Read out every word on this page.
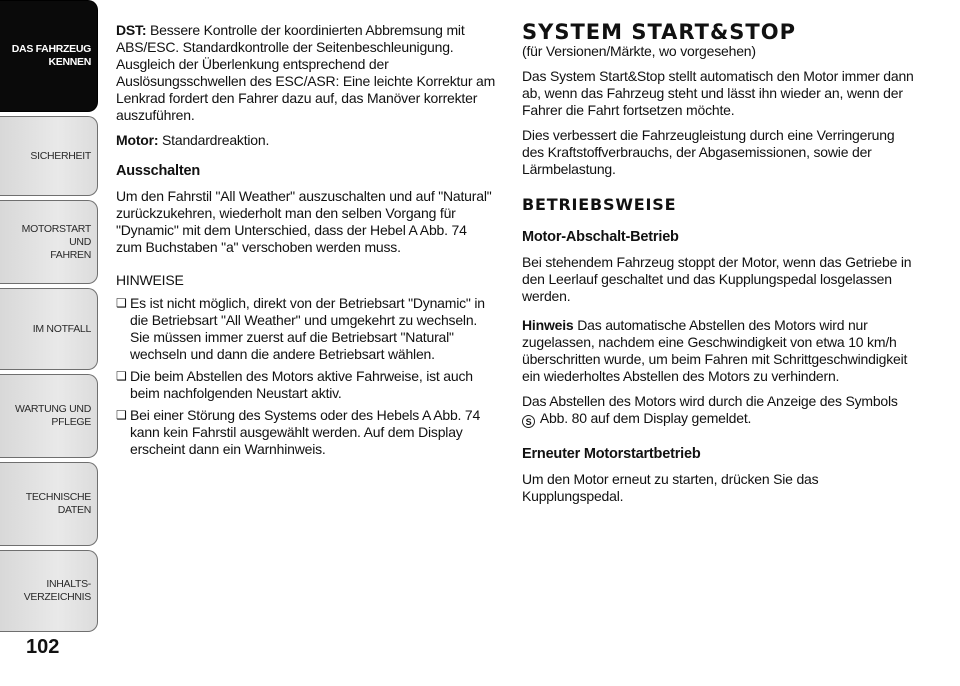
DAS FAHRZEUG
KENNEN
SICHERHEIT
MOTORSTART UND
FAHREN
IM NOTFALL
WARTUNG UND
PFLEGE
TECHNISCHE DATEN
INHALTS-
VERZEICHNIS
102

DST: Bessere Kontrolle der koordinierten Abbremsung mit ABS/ESC. Standardkontrolle der Seitenbeschleunigung. Ausgleich der Überlenkung entsprechend der Auslösungsschwellen des ESC/ASR: Eine leichte Korrektur am Lenkrad fordert den Fahrer dazu auf, das Manöver korrekter auszuführen.

Motor: Standardreaktion.

Ausschalten

Um den Fahrstil "All Weather" auszuschalten und auf "Natural" zurückzukehren, wiederholt man den selben Vorgang für "Dynamic" mit dem Unterschied, dass der Hebel A Abb. 74 zum Buchstaben "a" verschoben werden muss.

HINWEISE

❑ Es ist nicht möglich, direkt von der Betriebsart "Dynamic" in die Betriebsart "All Weather" und umgekehrt zu wechseln. Sie müssen immer zuerst auf die Betriebsart "Natural" wechseln und dann die andere Betriebsart wählen.
❑ Die beim Abstellen des Motors aktive Fahrweise, ist auch beim nachfolgenden Neustart aktiv.
❑ Bei einer Störung des Systems oder des Hebels A Abb. 74 kann kein Fahrstil ausgewählt werden. Auf dem Display erscheint dann ein Warnhinweis.
SYSTEM START&STOP

(für Versionen/Märkte, wo vorgesehen)

Das System Start&Stop stellt automatisch den Motor immer dann ab, wenn das Fahrzeug steht und lässt ihn wieder an, wenn der Fahrer die Fahrt fortsetzen möchte.

Dies verbessert die Fahrzeugleistung durch eine Verringerung des Kraftstoffverbrauchs, der Abgasemissionen, sowie der Lärmbelastung.

BETRIEBSWEISE
Motor-Abschalt-Betrieb

Bei stehendem Fahrzeug stoppt der Motor, wenn das Getriebe in den Leerlauf geschaltet und das Kupplungspedal losgelassen werden.

Hinweis Das automatische Abstellen des Motors wird nur zugelassen, nachdem eine Geschwindigkeit von etwa 10 km/h überschritten wurde, um beim Fahren mit Schrittgeschwindigkeit ein wiederholtes Abstellen des Motors zu verhindern.

Das Abstellen des Motors wird durch die Anzeige des Symbols
S Abb. 80 auf dem Display gemeldet.

Erneuter Motorstartbetrieb

Um den Motor erneut zu starten, drücken Sie das Kupplungspedal.
